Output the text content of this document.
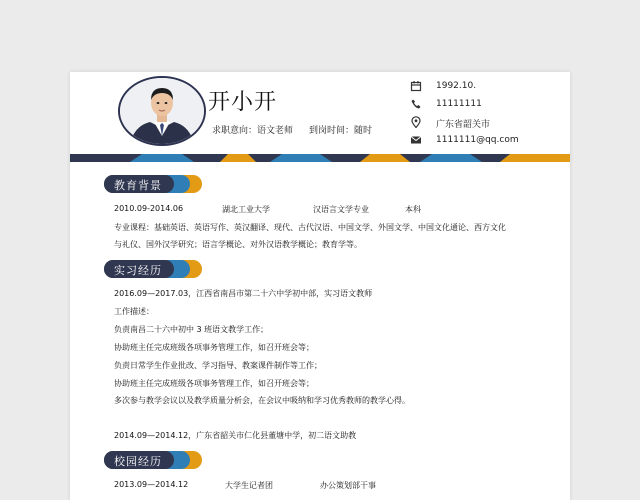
开小开
求职意向：语文老师 到岗时间：随时
1992.10.
11111111
广东省韶关市
1111111@qq.com
教育背景
2010.09-2014.06	湖北工业大学	汉语言文学专业	本科
专业课程：基础英语、英语写作、英汉翻译、现代、古代汉语、中国文学、外国文学、中国文化通论、西方文化
与礼仪、国外汉学研究；语言学概论、对外汉语教学概论；教育学等。
实习经历
2016.09—2017.03，江西省南昌市第二十六中学初中部，实习语文教师
工作描述：
负责南昌二十六中初中 3 班语文教学工作；
协助班主任完成班级各项事务管理工作，如召开班会等；
负责日常学生作业批改、学习指导、教案课件制作等工作；
协助班主任完成班级各项事务管理工作，如召开班会等；
多次参与教学会议以及教学质量分析会，在会议中吸纳和学习优秀教师的教学心得。
2014.09—2014.12，广东省韶关市仁化县董塘中学，初二语文助教
校园经历
2013.09—2014.12	大学生记者团	办公策划部干事
